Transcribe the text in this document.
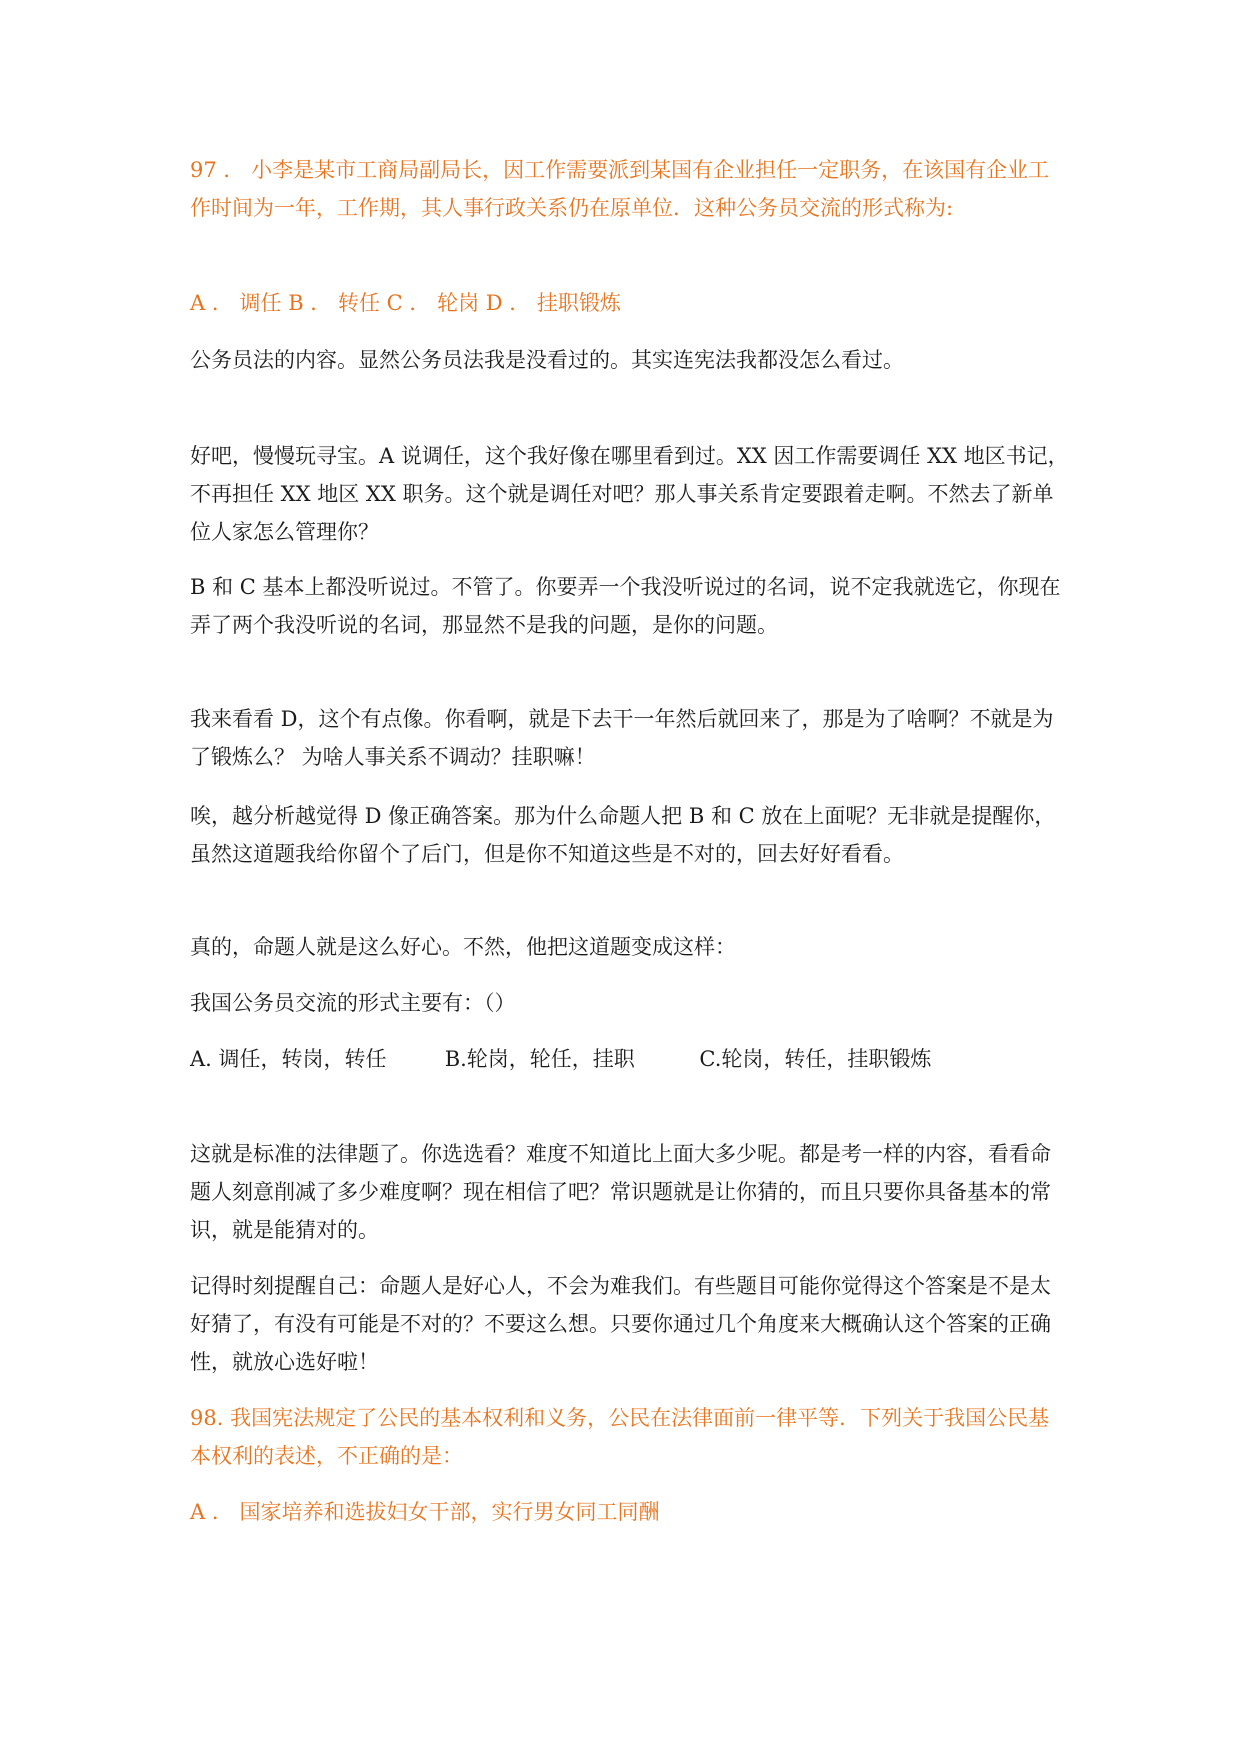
97 ． 小李是某市工商局副局长，因工作需要派到某国有企业担任一定职务，在该国有企业工作时间为一年，工作期，其人事行政关系仍在原单位．这种公务员交流的形式称为:

A ． 调任 B ． 转任 C ． 轮岗 D ． 挂职锻炼

公务员法的内容。显然公务员法我是没看过的。其实连宪法我都没怎么看过。

好吧，慢慢玩寻宝。A 说调任，这个我好像在哪里看到过。XX 因工作需要调任 XX 地区书记，不再担任 XX 地区 XX 职务。这个就是调任对吧？那人事关系肯定要跟着走啊。不然去了新单位人家怎么管理你？

B 和 C 基本上都没听说过。不管了。你要弄一个我没听说过的名词，说不定我就选它，你现在弄了两个我没听说的名词，那显然不是我的问题，是你的问题。

我来看看 D，这个有点像。你看啊，就是下去干一年然后就回来了，那是为了啥啊？不就是为了锻炼么？ 为啥人事关系不调动？挂职嘛！

唉，越分析越觉得 D 像正确答案。那为什么命题人把 B 和 C 放在上面呢？无非就是提醒你，虽然这道题我给你留个了后门，但是你不知道这些是不对的，回去好好看看。

真的，命题人就是这么好心。不然，他把这道题变成这样：

我国公务员交流的形式主要有：（）

A. 调任，转岗，转任	B.轮岗，轮任，挂职	C.轮岗，转任，挂职锻炼

这就是标准的法律题了。你选选看？难度不知道比上面大多少呢。都是考一样的内容，看看命题人刻意削减了多少难度啊？现在相信了吧？常识题就是让你猜的，而且只要你具备基本的常识，就是能猜对的。

记得时刻提醒自己：命题人是好心人，不会为难我们。有些题目可能你觉得这个答案是不是太好猜了，有没有可能是不对的？不要这么想。只要你通过几个角度来大概确认这个答案的正确性，就放心选好啦！

98. 我国宪法规定了公民的基本权利和义务，公民在法律面前一律平等．下列关于我国公民基本权利的表述，不正确的是：

A ． 国家培养和选拔妇女干部，实行男女同工同酬
